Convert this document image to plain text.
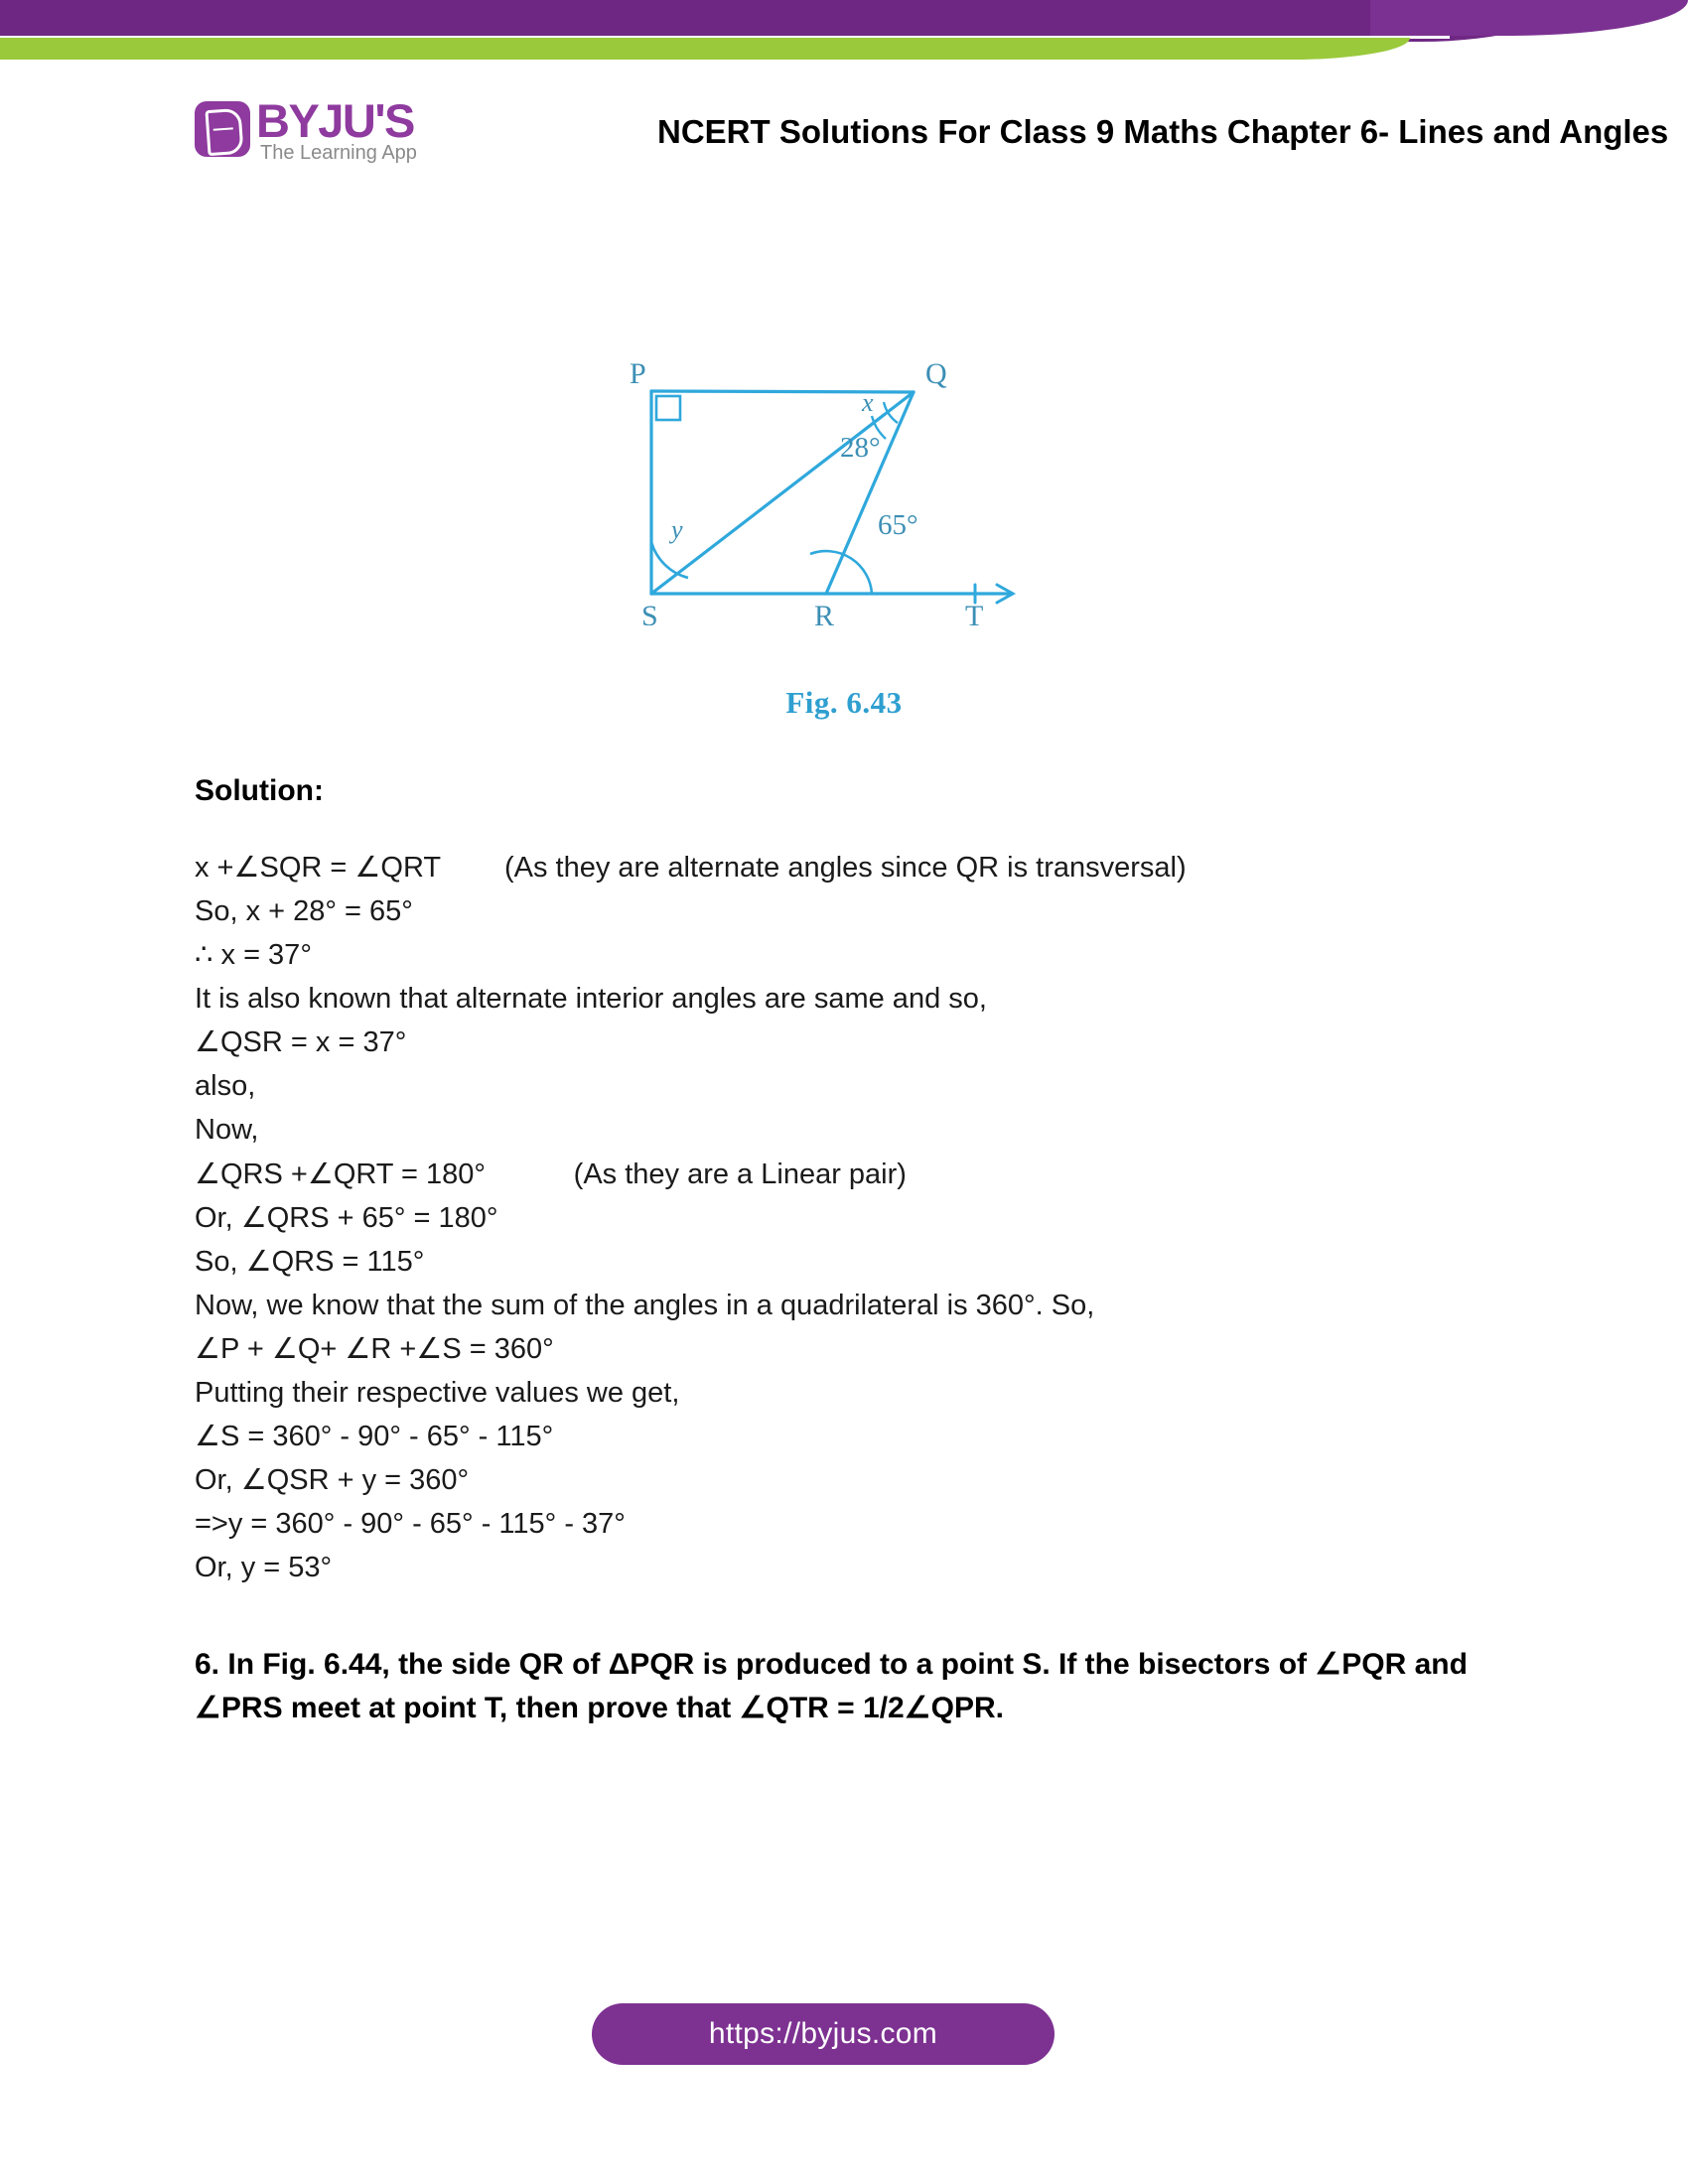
BYJU'S
The Learning App
NCERT Solutions For Class 9 Maths Chapter 6- Lines and Angles
P	Q
S	R	T
x
28°
65°
y
Fig. 6.43
Solution:
x +∠SQR = ∠QRT        (As they are alternate angles since QR is transversal)
So, x + 28° = 65°
∴ x = 37°
It is also known that alternate interior angles are same and so,
∠QSR = x = 37°
also,
Now,
∠QRS +∠QRT = 180°           (As they are a Linear pair)
Or, ∠QRS + 65° = 180°
So, ∠QRS = 115°
Now, we know that the sum of the angles in a quadrilateral is 360°. So,
∠P + ∠Q+ ∠R +∠S = 360°
Putting their respective values we get,
∠S = 360° - 90° - 65° - 115°
Or, ∠QSR + y = 360°
=>y = 360° - 90° - 65° - 115° - 37°
Or, y = 53°
6. In Fig. 6.44, the side QR of ΔPQR is produced to a point S. If the bisectors of ∠PQR and ∠PRS meet at point T, then prove that ∠QTR = 1/2∠QPR.
https://byjus.com
